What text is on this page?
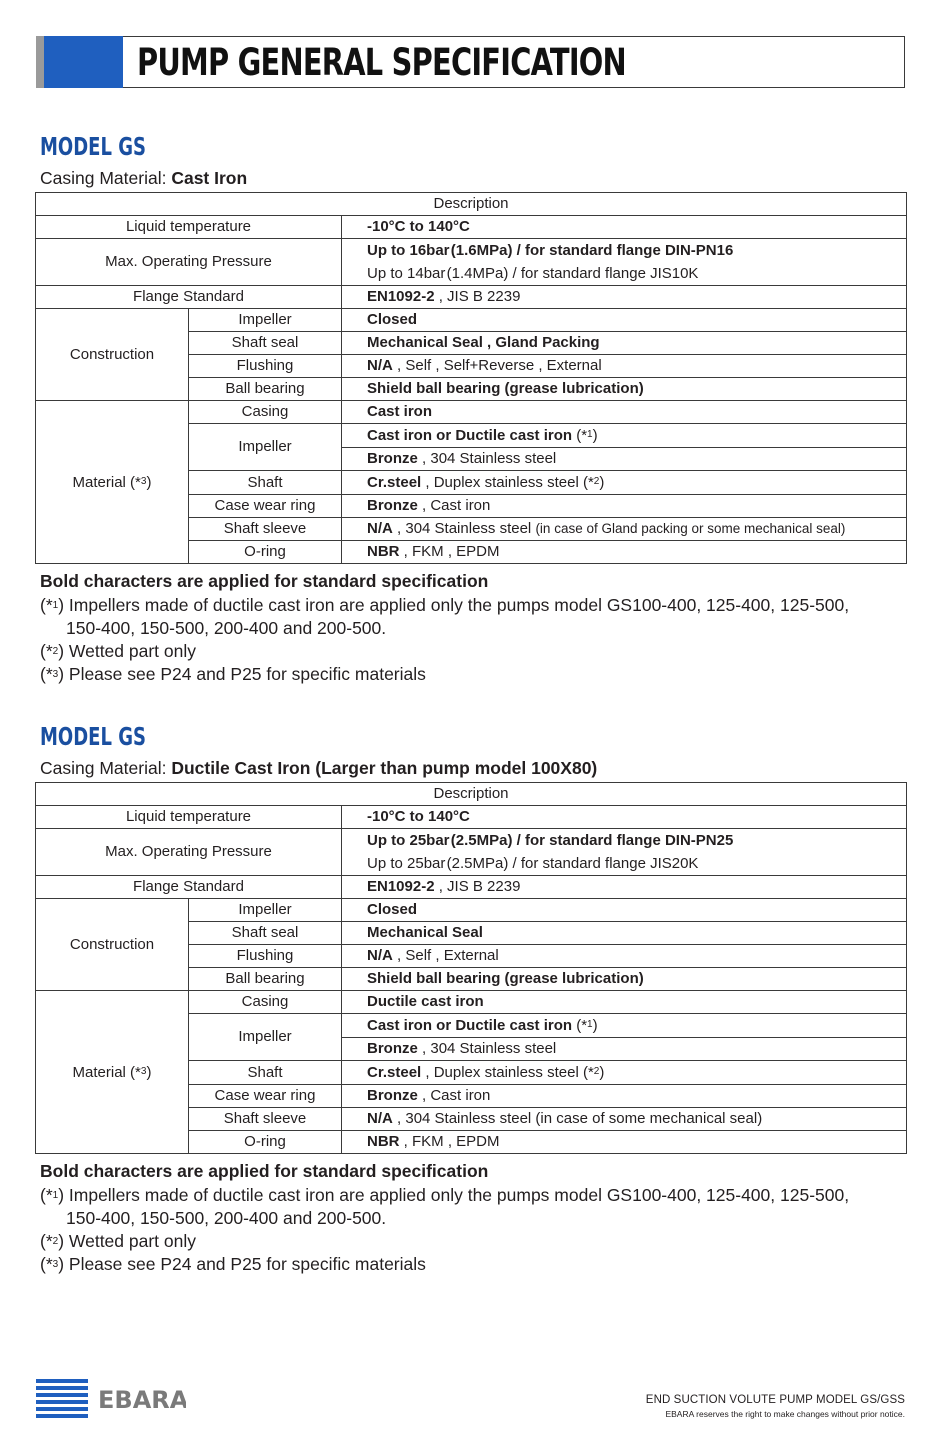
PUMP GENERAL SPECIFICATION
MODEL GS
Casing Material: Cast Iron
Description		
Liquid temperature		-10°C to 140°C
Max. Operating Pressure		Up to 16bar (1.6MPa) / for standard flange DIN-PN16
Up to 14bar (1.4MPa) / for standard flange JIS10K

Flange Standard		EN1092-2 , JIS B 2239
Construction	Impeller	Closed
	Shaft seal	Mechanical Seal , Gland Packing
	Flushing	N/A , Self , Self+Reverse , External
	Ball bearing	Shield ball bearing (grease lubrication)
Material (*$^3$)	Casing	Cast iron
	Impeller	Cast iron or Ductile cast iron (*$^1$)
		Bronze , 304 Stainless steel
	Shaft	Cr.steel , Duplex stainless steel (*$^2$)
	Case wear ring	Bronze , Cast iron
	Shaft sleeve	N/A , 304 Stainless steel (in case of Gland packing or some mechanical seal)
	O-ring	NBR , FKM , EPDM
Bold characters are applied for standard specification
(*$^1$) Impellers made of ductile cast iron are applied only the pumps model GS100-400, 125-400, 125-500,
150-400, 150-500, 200-400 and 200-500.
(*$^2$) Wetted part only
(*$^3$) Please see P24 and P25 for specific materials
MODEL GS
Casing Material: Ductile Cast Iron (Larger than pump model 100X80)
Description		
Liquid temperature		-10°C to 140°C
Max. Operating Pressure		Up to 25bar (2.5MPa) / for standard flange DIN-PN25
Up to 25bar (2.5MPa) / for standard flange JIS20K

Flange Standard		EN1092-2 , JIS B 2239
Construction	Impeller	Closed
	Shaft seal	Mechanical Seal
	Flushing	N/A , Self , External
	Ball bearing	Shield ball bearing (grease lubrication)
Material (*$^3$)	Casing	Ductile cast iron
	Impeller	Cast iron or Ductile cast iron (*$^1$)
		Bronze , 304 Stainless steel
	Shaft	Cr.steel , Duplex stainless steel (*$^2$)
	Case wear ring	Bronze , Cast iron
	Shaft sleeve	N/A , 304 Stainless steel (in case of some mechanical seal)
	O-ring	NBR , FKM , EPDM
Bold characters are applied for standard specification
(*$^1$) Impellers made of ductile cast iron are applied only the pumps model GS100-400, 125-400, 125-500,
150-400, 150-500, 200-400 and 200-500.
(*$^2$) Wetted part only
(*$^3$) Please see P24 and P25 for specific materials
EBARA	END SUCTION VOLUTE PUMP MODEL GS/GSS
EBARA reserves the right to make changes without prior notice.
